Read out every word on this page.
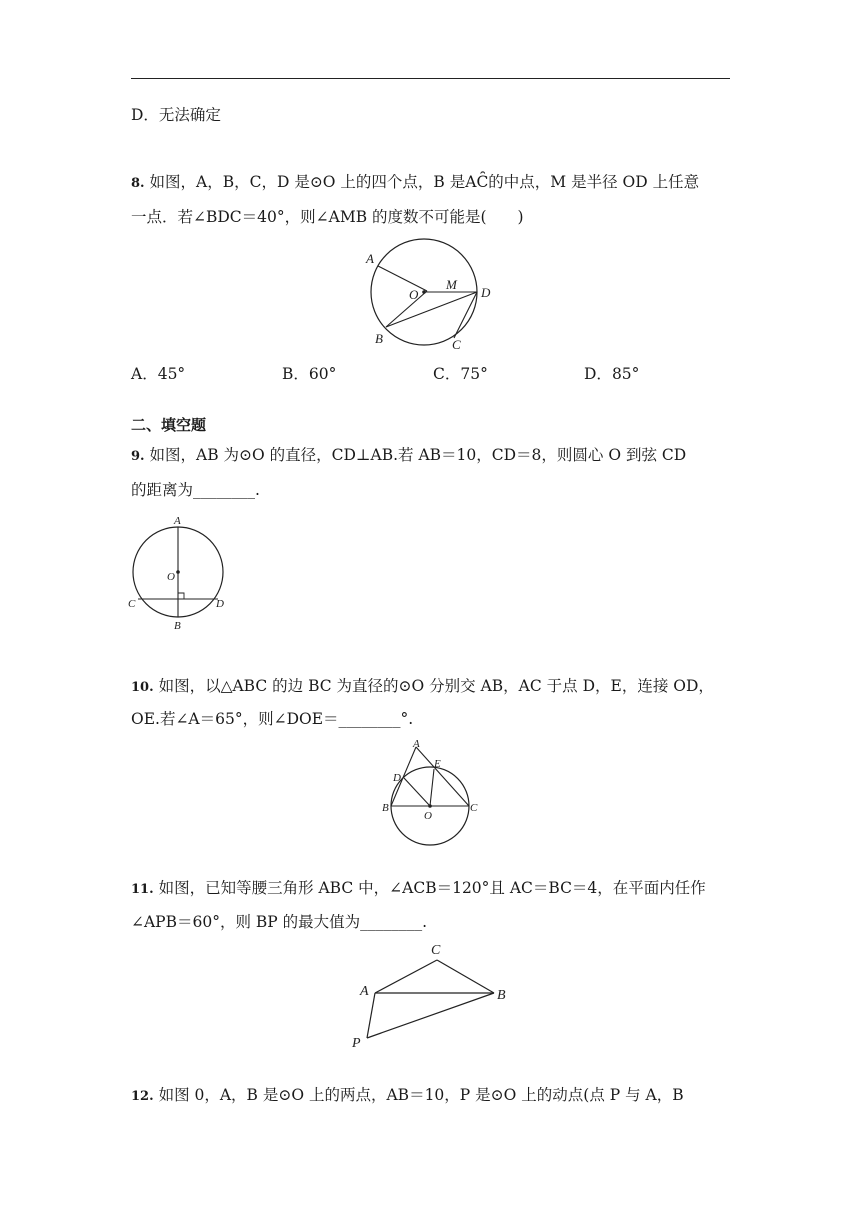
D．无法确定
8. 如图，A，B，C，D 是⊙O 上的四个点，B 是AC̑的中点，M 是半径 OD 上任意
一点．若∠BDC＝40°，则∠AMB 的度数不可能是(　　)
A
O
M
D
B	C
A．45°	B．60°	C．75°	D．85°
二、填空题
9. 如图，AB 为⊙O 的直径，CD⊥AB.若 AB＝10，CD＝8，则圆心 O 到弦 CD
的距离为________.
A
O
C	D
B
10. 如图，以△ABC 的边 BC 为直径的⊙O 分别交 AB，AC 于点 D，E，连接 OD，
OE.若∠A＝65°，则∠DOE＝________°.
A
D
E
B
O
C
11. 如图，已知等腰三角形 ABC 中，∠ACB＝120°且 AC＝BC＝4，在平面内任作
∠APB＝60°，则 BP 的最大值为________.
C
A	B
P
12. 如图 0，A，B 是⊙O 上的两点，AB＝10，P 是⊙O 上的动点(点 P 与 A，B
